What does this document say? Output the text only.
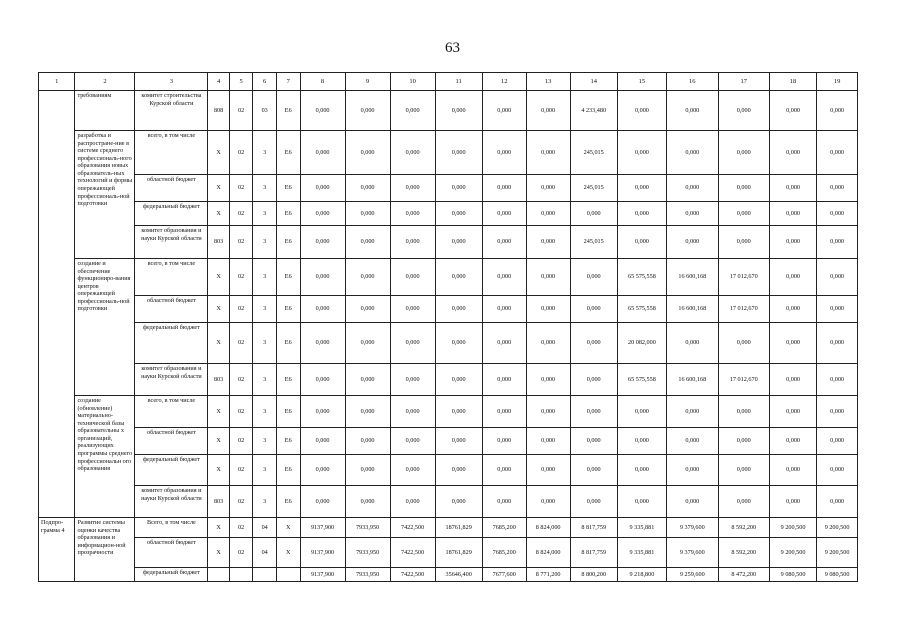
63
1	2	3	4	5	6	7	8	9	10	11	12	13	14	15	16	17	18	19
	требованиям	комитет строительства Курской области	808	02	03	Е6	0,000	0,000	0,000	0,000	0,000	0,000	4 233,480	0,000	0,000	0,000	0,000	0,000
	разработка и распростране-ние в системе среднего профессиональ-ного образования новых образователь-ных технологий и формы опережающей профессиональ-ной подготовки	всего, в том числе	Х	02	3	Е6	0,000	0,000	0,000	0,000	0,000	0,000	245,015	0,000	0,000	0,000	0,000	0,000
		областной бюджет	Х	02	3	Е6	0,000	0,000	0,000	0,000	0,000	0,000	245,015	0,000	0,000	0,000	0,000	0,000
		федеральный бюджет	Х	02	3	Е6	0,000	0,000	0,000	0,000	0,000	0,000	0,000	0,000	0,000	0,000	0,000	0,000
		комитет образования и науки Курской области	803	02	3	Е6	0,000	0,000	0,000	0,000	0,000	0,000	245,015	0,000	0,000	0,000	0,000	0,000
	создание и обеспечение функциониро-вания центров опережающей профессиональ-ной подготовки	всего, в том числе	Х	02	3	Е6	0,000	0,000	0,000	0,000	0,000	0,000	0,000	65 575,558	16 600,168	17 012,670	0,000	0,000
		областной бюджет	Х	02	3	Е6	0,000	0,000	0,000	0,000	0,000	0,000	0,000	65 575,558	16 600,168	17 012,670	0,000	0,000
		федеральный бюджет	Х	02	3	Е6	0,000	0,000	0,000	0,000	0,000	0,000	0,000	20 082,000	0,000	0,000	0,000	0,000
		комитет образования и науки Курской области	803	02	3	Е6	0,000	0,000	0,000	0,000	0,000	0,000	0,000	65 575,558	16 600,168	17 012,670	0,000	0,000
	создание (обновление) материально-технической базы образовательны х организаций, реализующих программы среднего профессиональн ого образования	всего, в том числе	Х	02	3	Е6	0,000	0,000	0,000	0,000	0,000	0,000	0,000	0,000	0,000	0,000	0,000	0,000
		областной бюджет	Х	02	3	Е6	0,000	0,000	0,000	0,000	0,000	0,000	0,000	0,000	0,000	0,000	0,000	0,000
		федеральный бюджет	Х	02	3	Е6	0,000	0,000	0,000	0,000	0,000	0,000	0,000	0,000	0,000	0,000	0,000	0,000
		комитет образования и науки Курской области	803	02	3	Е6	0,000	0,000	0,000	0,000	0,000	0,000	0,000	0,000	0,000	0,000	0,000	0,000
Подпро-грамма 4	Развитие системы оценки качества образования и информацион-ной прозрачности	Всего, в том числе	Х	02	04	Х	9137,900	7933,950	7422,500	18761,829	7685,200	8 824,000	8 817,759	9 335,881	9 379,600	8 592,200	9 200,500	9 200,500
		областной бюджет	Х	02	04	Х	9137,900	7933,950	7422,500	18761,829	7685,200	8 824,000	8 817,759	9 335,881	9 379,600	8 592,200	9 200,500	9 200,500
		федеральный бюджет					9137,900	7933,950	7422,500	35646,400	7677,600	8 771,200	8 800,200	9 218,800	9 259,600	8 472,200	9 080,500	9 080,500
